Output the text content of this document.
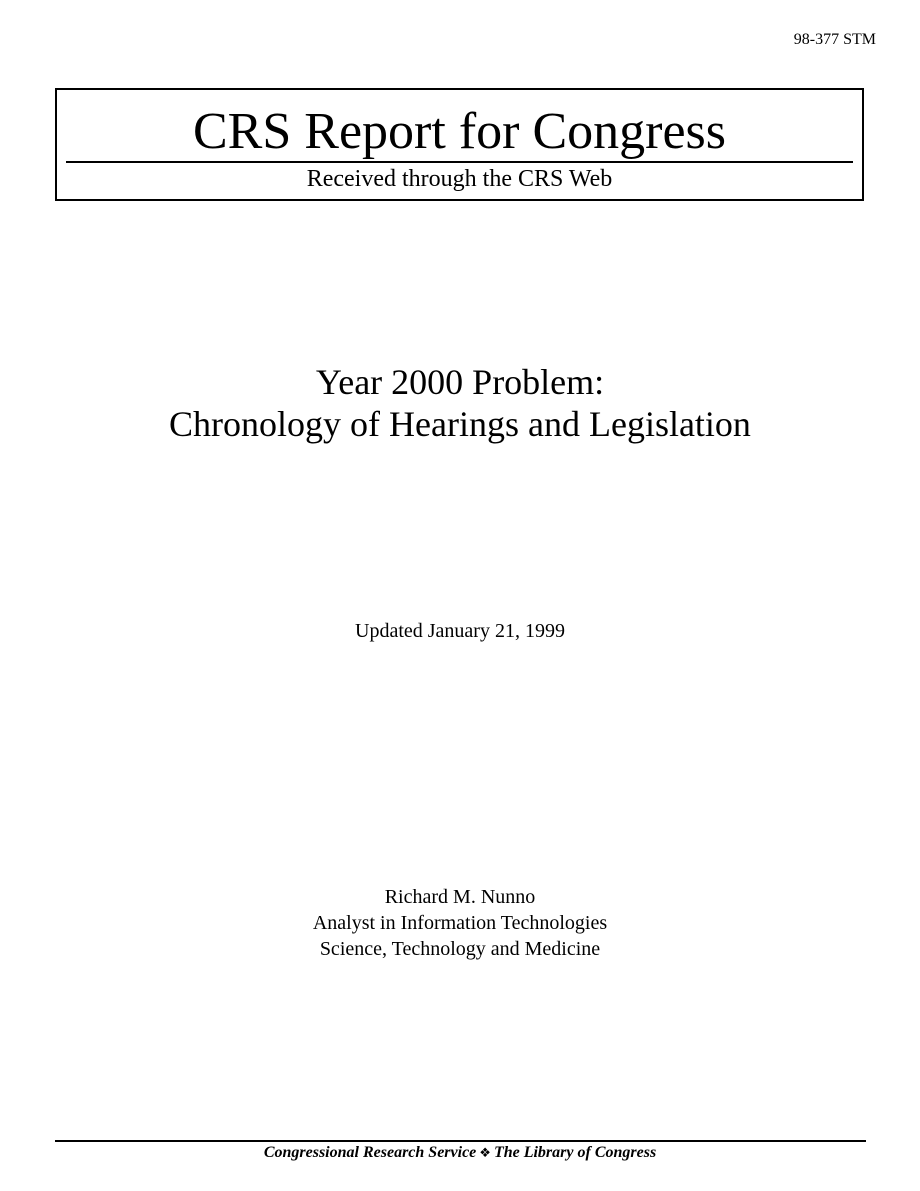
98-377 STM
CRS Report for Congress
Received through the CRS Web
Year 2000 Problem:
Chronology of Hearings and Legislation
Updated January 21, 1999
Richard M. Nunno
Analyst in Information Technologies
Science, Technology and Medicine
Congressional Research Service ❖ The Library of Congress
